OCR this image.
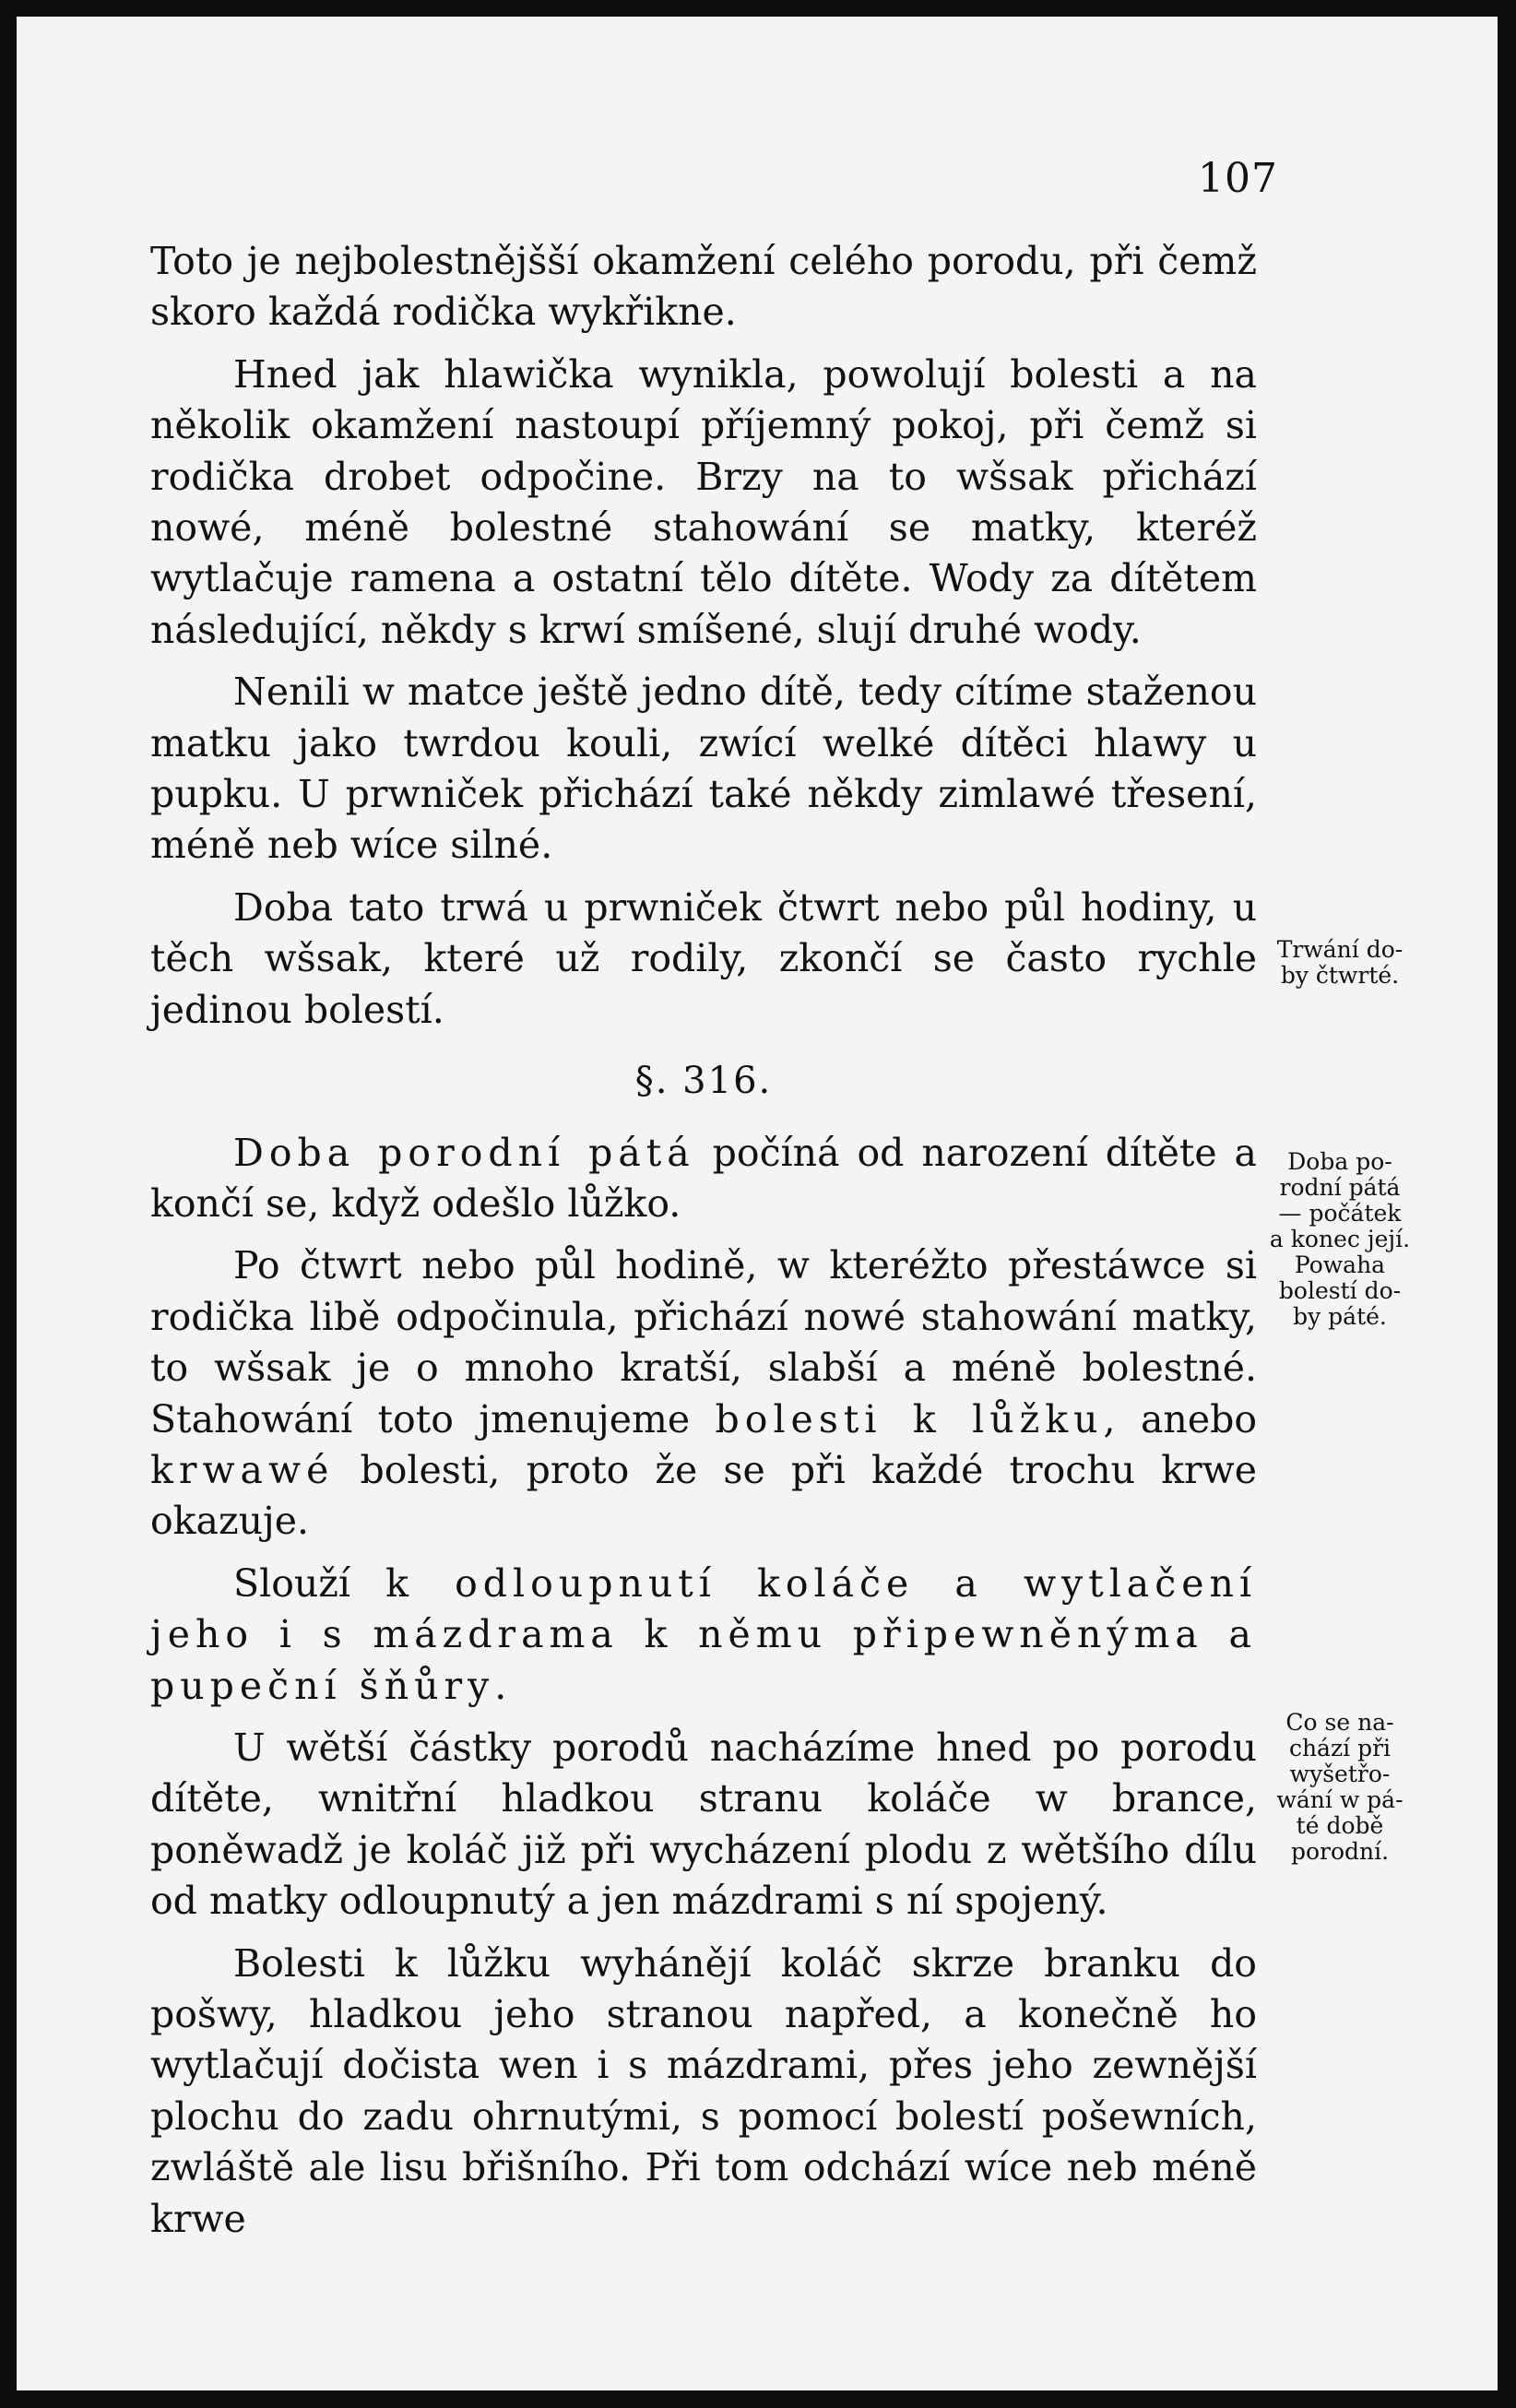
107

Toto je nejbolestnějšší okamžení celého porodu, při čemž skoro každá rodička wykřikne.

Hned jak hlawička wynikla, powolují bolesti a na několik okamžení nastoupí příjemný pokoj, při čemž si rodička drobet odpočine. Brzy na to wšsak přichází nowé, méně bolestné stahowání se matky, kteréž wytlačuje ramena a ostatní tělo dítěte. Wody za dítětem následující, někdy s krwí smíšené, slují druhé wody.

Nenili w matce ještě jedno dítě, tedy cítíme staženou matku jako twrdou kouli, zwící welké dítěci hlawy u pupku. U prwniček přichází také někdy zimlawé třesení, méně neb wíce silné.

Doba tato trwá u prwniček čtwrt nebo půl hodiny, u těch wšsak, které už rodily, zkončí se často rychle jedinou bolestí.

§. 316.

Doba porodní pátá počíná od narození dítěte a končí se, když odešlo lůžko.

Po čtwrt nebo půl hodině, w kteréžto přestáwce si rodička libě odpočinula, přichází nowé stahowání matky, to wšsak je o mnoho kratší, slabší a méně bolestné. Stahowání toto jmenujeme bolesti k lůžku, anebo krwawé bolesti, proto že se při každé trochu krwe okazuje.

Slouží k odloupnutí koláče a wytlačení jeho i s mázdrama k němu připewněnýma a pupeční šňůry.

U wětší částky porodů nacházíme hned po porodu dítěte, wnitřní hladkou stranu koláče w brance, poněwadž je koláč již při wycházení plodu z wětšího dílu od matky odloupnutý a jen mázdrami s ní spojený.

Bolesti k lůžku wyhánějí koláč skrze branku do pošwy, hladkou jeho stranou napřed, a konečně ho wytlačují dočista wen i s mázdrami, přes jeho zewnější plochu do zadu ohrnutými, s pomocí bolestí pošewních, zwláště ale lisu břišního. Při tom odchází wíce neb méně krwe

Trwání do-
by čtwrté.
Doba po-
rodní pátá
— počátek
a konec její.
Powaha
bolestí do-
by páté.
Co se na-
chází při
wyšetřo-
wání w pá-
té době
porodní.
